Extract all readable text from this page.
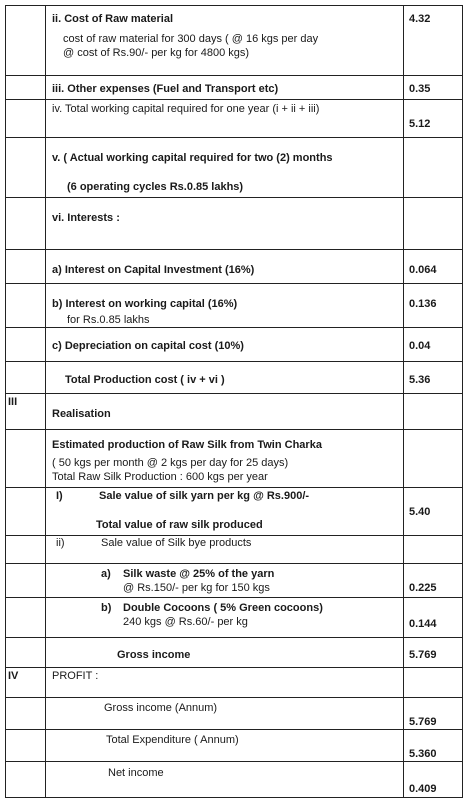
ii. Cost of Raw material
cost of raw material for 300 days ( @ 16 kgs per day
@ cost of Rs.90/- per kg for 4800 kgs)
4.32
iii. Other expenses (Fuel and Transport etc)	0.35
iv. Total working capital required for one year (i + ii + iii)
5.12
v. ( Actual working capital required for two (2) months
(6 operating cycles Rs.0.85 lakhs)
vi. Interests :
a) Interest on Capital Investment (16%)	0.064
b) Interest on working capital (16%)
for Rs.0.85 lakhs
0.136
c) Depreciation on capital cost (10%)	0.04
Total Production cost ( iv + vi )	5.36
III
Realisation
Estimated production of Raw Silk from Twin Charka
( 50 kgs per month @ 2 kgs per day for 25 days)
Total Raw Silk Production : 600 kgs per year
I)	Sale value of silk yarn per kg @ Rs.900/-
Total value of raw silk produced
5.40
ii)	Sale value of Silk bye products
a) Silk waste @ 25% of the yarn
@ Rs.150/- per kg for 150 kgs	0.225
b) Double Cocoons ( 5% Green cocoons)
240 kgs @ Rs.60/- per kg	0.144
Gross income	5.769
IV	PROFIT :
Gross income (Annum)
5.769
Total Expenditure ( Annum)
5.360
Net income
0.409
